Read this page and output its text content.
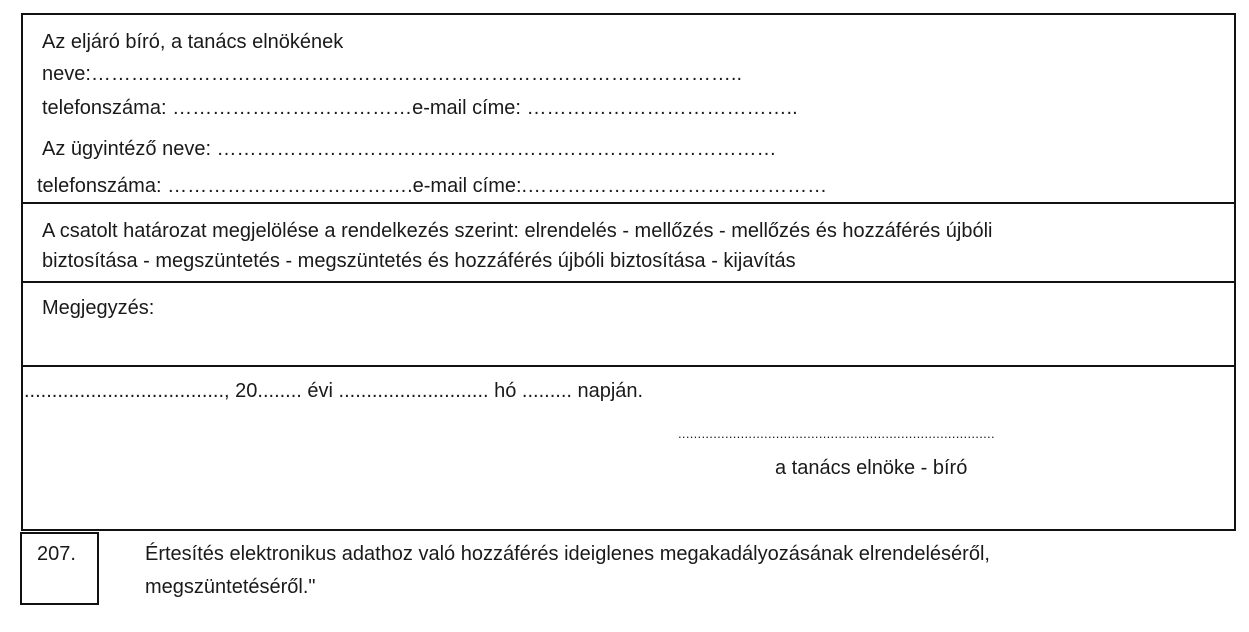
Az eljáró bíró, a tanács elnökének
neve:……………………………………………………………………………………..
telefonszáma: ………………………………e-mail címe: …………………………………..
Az ügyintéző neve: …………………………………………………………………………
telefonszáma: ……………………………….e-mail címe:.………………………………………
A csatolt határozat megjelölése a rendelkezés szerint: elrendelés - mellőzés - mellőzés és hozzáférés újbóli
biztosítása - megszüntetés - megszüntetés és hozzáférés újbóli biztosítása - kijavítás
Megjegyzés:
...................................., 20........ évi ........................... hó ......... napján.
.................................................................................
a tanács elnöke - bíró
207.	Értesítés elektronikus adathoz való hozzáférés ideiglenes megakadályozásának elrendeléséről,
megszüntetéséről."
